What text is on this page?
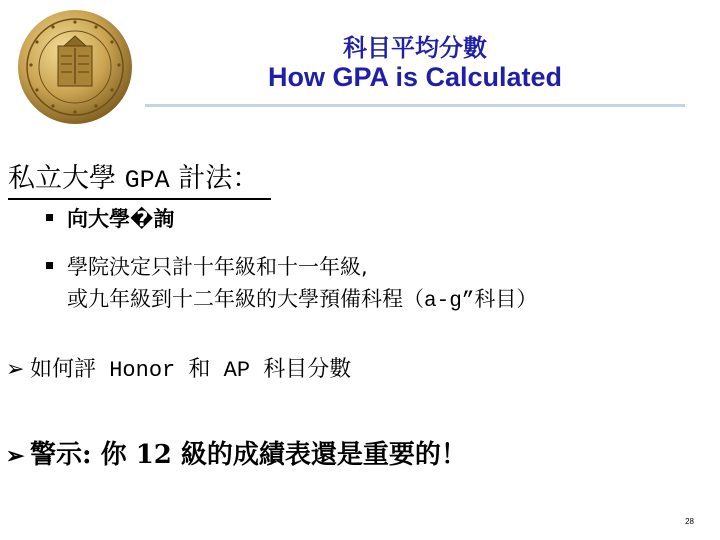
科目平均分數
How GPA is Calculated
私立大學 GPA 計法：
向大學�詢
學院決定只計十年級和十一年級,
或九年級到十二年級的大學預備科程（a-g”科目）
➢ 如何評 Honor 和 AP 科目分數
➢ 警示: 你 12 級的成績表還是重要的！
28
